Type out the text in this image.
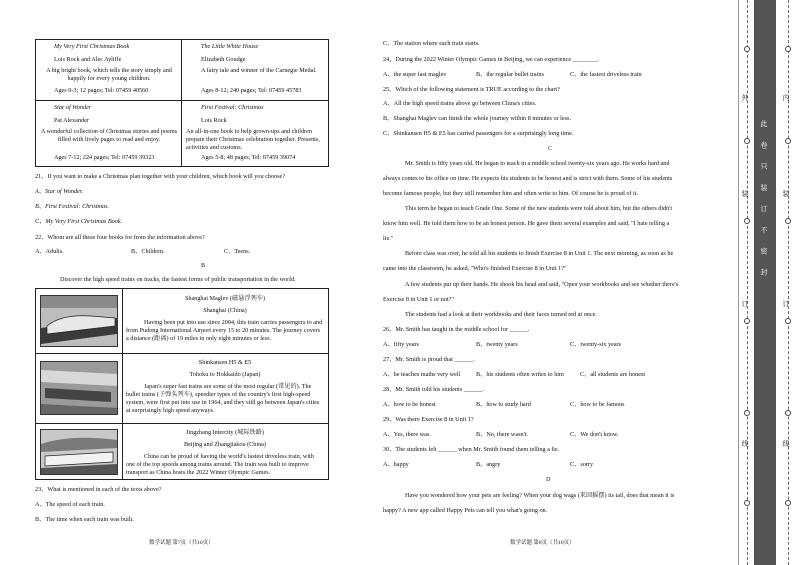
My Very First Christmas Book
Lois Rock and Alec Ayliffe
A big bright book, which tells the story simply and happily for every young children.
Ages 0-3; 12 pages; Tel: 07459 40560
The Little White House
Elizabeth Goudge
A fairy tale and winner of the Carnegie Medal.
Ages 8-12; 240 pages; Tel: 07459 45783
Star of Wonder
Pat Alexander
A wonderful collection of Christmas stories and poems filled with lively pages to read and enjoy.
Ages 7-12; 224 pages; Tel: 07459 39323
First Festival: Christmas
Lois Rock
An all-in-one book to help grown-ups and children prepare their Christmas celebration together. Presents, activities and customs.
Ages 5-8; 48 pages; Tel: 07459 39074
21、If you want to make a Christmas plan together with your children, which book will you choose?
A、Star of Wonder.
B、First Festival: Christmas.
C、My Very First Christmas Book.
22、Whom are all these four books for from the information above?
A、Adults.	B、Children.	C、Teens.
B
Discover the high speed trains on tracks, the fastest forms of public transportation in the world.
Shanghai Maglev (磁悬浮列车)
Shanghai (China)
Having been put into use since 2004, this train carries passengers to and from Pudong International Airport every 15 to 20 minutes. The journey covers a distance (距离) of 19 miles in only eight minutes or less.
Shinkansen H5 & E5
Tohoku to Hokkaido (Japan)
Japan's super fast trains are some of the most regular (常见的). The bullet trains (子弹头列车), speedier types of the country's first high-speed system, were first put into use in 1964, and they still go between Japan's cities at surprisingly high speed anyways.
Jingzhang Intercity (城际铁路)
Beijing and Zhangjiakou (China)
China can be proud of having the world's fastest driveless train, with one of the top speeds among trains around. The train was built to improve transport as China hosts the 2022 Winter Olympic Games.
23、What is mentioned in each of the texts above?
A、The speed of each train.
B、The time when each train was built.
数学试题 第7页（共10页）
C、The station where each train starts.
24、During the 2022 Winter Olympic Games in Beijing, we can experience ________.
A、the super fast maglev	B、the regular bullet trains	C、the fastest driveless train
25、Which of the following statement is TRUE according to the chart?
A、All the high speed trains above go between China's cities.
B、Shanghai Maglev can finish the whole journey within 8 minutes or less.
C、Shinkansen H5 & E5 has carried passengers for a surprisingly long time.
C
Mr. Smith is fifty years old. He began to teach in a middle school twenty-six years ago. He works hard and
always comes to his office on time. He expects his students to be honest and is strict with them. Some of his students
become famous people, but they still remember him and often write to him. Of course he is proud of it.
This term he began to teach Grade One. Some of the new students were told about him, but the others didn't
know him well. He told them how to be an honest person. He gave them several examples and said, "I hate telling a
lie."
Before class was over, he told all his students to finish Exercise 8 in Unit 1. The next morning, as soon as he
came into the classroom, he asked, "Who's finished Exercise 8 in Unit 1?"
A few students put up their hands. He shook his head and said, "Open your workbooks and see whether there's
Exercise 8 in Unit 1 or not?"
The students had a look at their workbooks and their faces turned red at once.
26、Mr. Smith has taught in the middle school for ______.
A、fifty years	B、twenty years	C、twenty-six years
27、Mr. Smith is proud that ______.
A、he teaches maths very well	B、his students often writes to him	C、all students are honest
28、Mr. Smith told his students ______.
A、how to be honest	B、how to study hard	C、how to be famous
29、Was there Exercise 8 in Unit 1?
A、Yes, there was.	B、No, there wasn't.	C、We don't know.
30、The students felt ______ when Mr. Smith found them telling a lie.
A、happy	B、angry	C、sorry
D
Have you wondered how your pets are feeling? When your dog wags (来回摇摆) its tail, does that mean it is
happy? A new app called Happy Pets can tell you what's going on.
数学试题 第8页（共10页）
外
装
订
线
内
装
订
线
此 卷 只 装 订 不 密 封
